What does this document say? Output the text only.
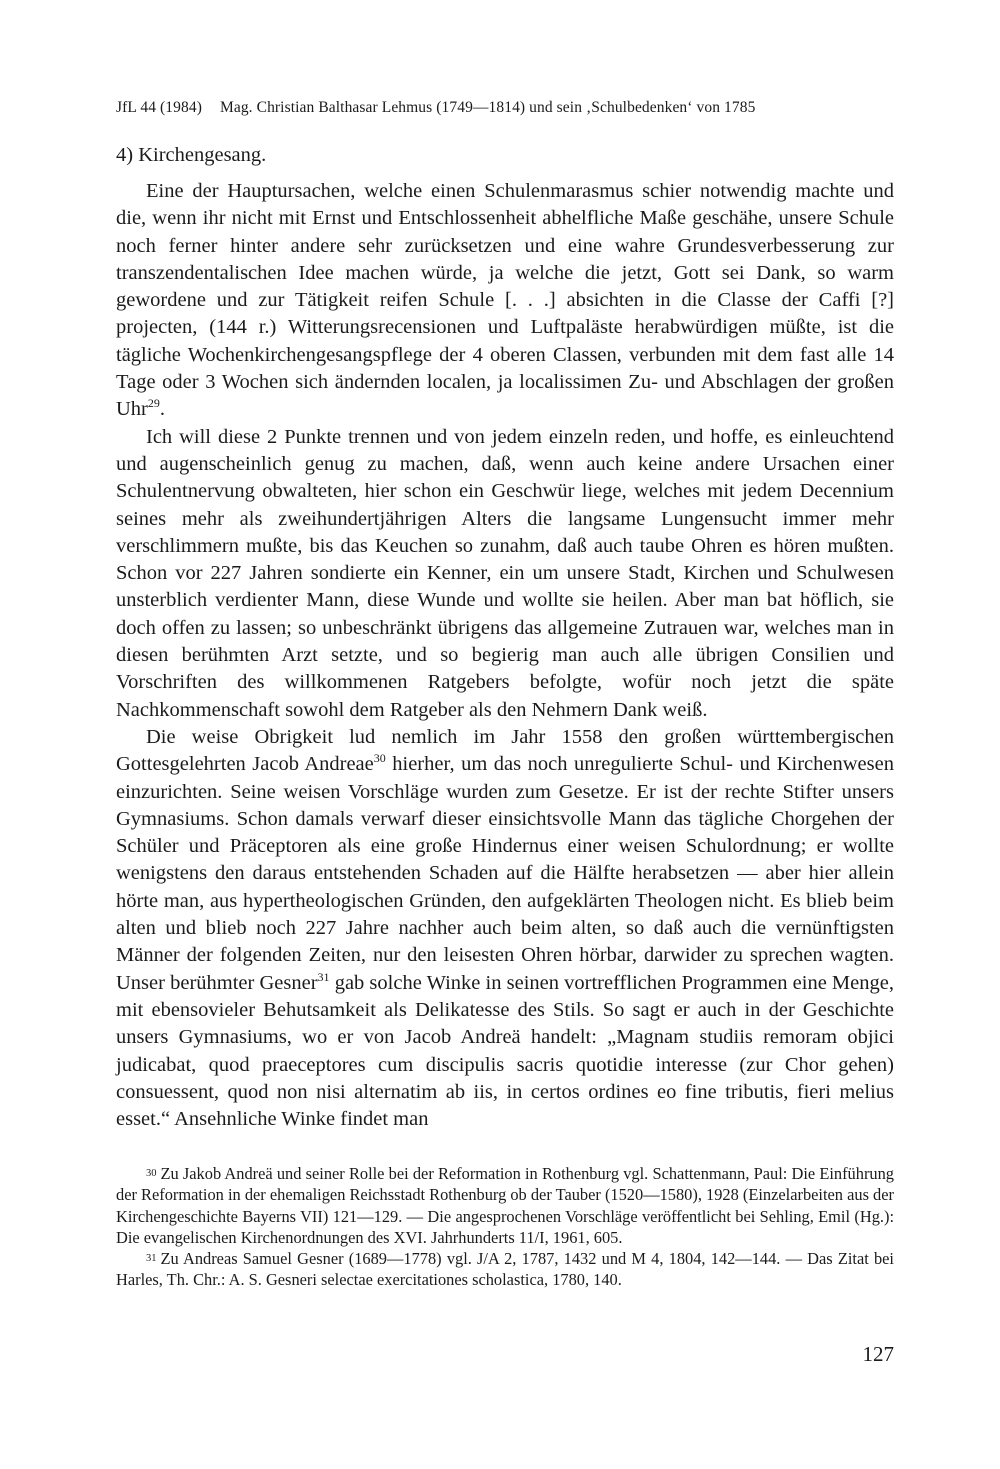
JfL 44 (1984) Mag. Christian Balthasar Lehmus (1749—1814) und sein ‚Schulbedenken‘ von 1785
4) Kirchengesang.

Eine der Hauptursachen, welche einen Schulenmarasmus schier notwendig machte und die, wenn ihr nicht mit Ernst und Entschlossenheit abhelfliche Maße geschähe, unsere Schule noch ferner hinter andere sehr zurücksetzen und eine wahre Grundesverbesserung zur transzendentalischen Idee machen würde, ja welche die jetzt, Gott sei Dank, so warm gewordene und zur Tätigkeit reifen Schule [. . .] absichten in die Classe der Caffi [?] projecten, (144 r.) Witterungsrecensionen und Luftpaläste herabwürdigen müßte, ist die tägliche Wochenkirchengesangspflege der 4 oberen Classen, verbunden mit dem fast alle 14 Tage oder 3 Wochen sich ändernden localen, ja localissimen Zu- und Abschlagen der großen Uhr$^{29}$.

Ich will diese 2 Punkte trennen und von jedem einzeln reden, und hoffe, es einleuchtend und augenscheinlich genug zu machen, daß, wenn auch keine andere Ursachen einer Schulentnervung obwalteten, hier schon ein Geschwür liege, welches mit jedem Decennium seines mehr als zweihundertjährigen Alters die langsame Lungensucht immer mehr verschlimmern mußte, bis das Keuchen so zunahm, daß auch taube Ohren es hören mußten. Schon vor 227 Jahren sondierte ein Kenner, ein um unsere Stadt, Kirchen und Schulwesen unsterblich verdienter Mann, diese Wunde und wollte sie heilen. Aber man bat höflich, sie doch offen zu lassen; so unbeschränkt übrigens das allgemeine Zutrauen war, welches man in diesen berühmten Arzt setzte, und so begierig man auch alle übrigen Consilien und Vorschriften des willkommenen Ratgebers befolgte, wofür noch jetzt die späte Nachkommenschaft sowohl dem Ratgeber als den Nehmern Dank weiß.

Die weise Obrigkeit lud nemlich im Jahr 1558 den großen württembergischen Gottesgelehrten Jacob Andreae$^{30}$ hierher, um das noch unregulierte Schul- und Kirchenwesen einzurichten. Seine weisen Vorschläge wurden zum Gesetze. Er ist der rechte Stifter unsers Gymnasiums. Schon damals verwarf dieser einsichtsvolle Mann das tägliche Chorgehen der Schüler und Präceptoren als eine große Hindernus einer weisen Schulordnung; er wollte wenigstens den daraus entstehenden Schaden auf die Hälfte herabsetzen — aber hier allein hörte man, aus hypertheologischen Gründen, den aufgeklärten Theologen nicht. Es blieb beim alten und blieb noch 227 Jahre nachher auch beim alten, so daß auch die vernünftigsten Männer der folgenden Zeiten, nur den leisesten Ohren hörbar, darwider zu sprechen wagten. Unser berühmter Gesner$^{31}$ gab solche Winke in seinen vortrefflichen Programmen eine Menge, mit ebensovieler Behutsamkeit als Delikatesse des Stils. So sagt er auch in der Geschichte unsers Gymnasiums, wo er von Jacob Andreä handelt: „Magnam studiis remoram objici judicabat, quod praeceptores cum discipulis sacris quotidie interesse (zur Chor gehen) consuessent, quod non nisi alternatim ab iis, in certos ordines eo fine tributis, fieri melius esset.“ Ansehnliche Winke findet man

30 Zu Jakob Andreä und seiner Rolle bei der Reformation in Rothenburg vgl. Schattenmann, Paul: Die Einführung der Reformation in der ehemaligen Reichsstadt Rothenburg ob der Tauber (1520—1580), 1928 (Einzelarbeiten aus der Kirchengeschichte Bayerns VII) 121—129. — Die angesprochenen Vorschläge veröffentlicht bei Sehling, Emil (Hg.): Die evangelischen Kirchenordnungen des XVI. Jahrhunderts 11/I, 1961, 605.

31 Zu Andreas Samuel Gesner (1689—1778) vgl. J/A 2, 1787, 1432 und M 4, 1804, 142—144. — Das Zitat bei Harles, Th. Chr.: A. S. Gesneri selectae exercitationes scholastica, 1780, 140.

127
